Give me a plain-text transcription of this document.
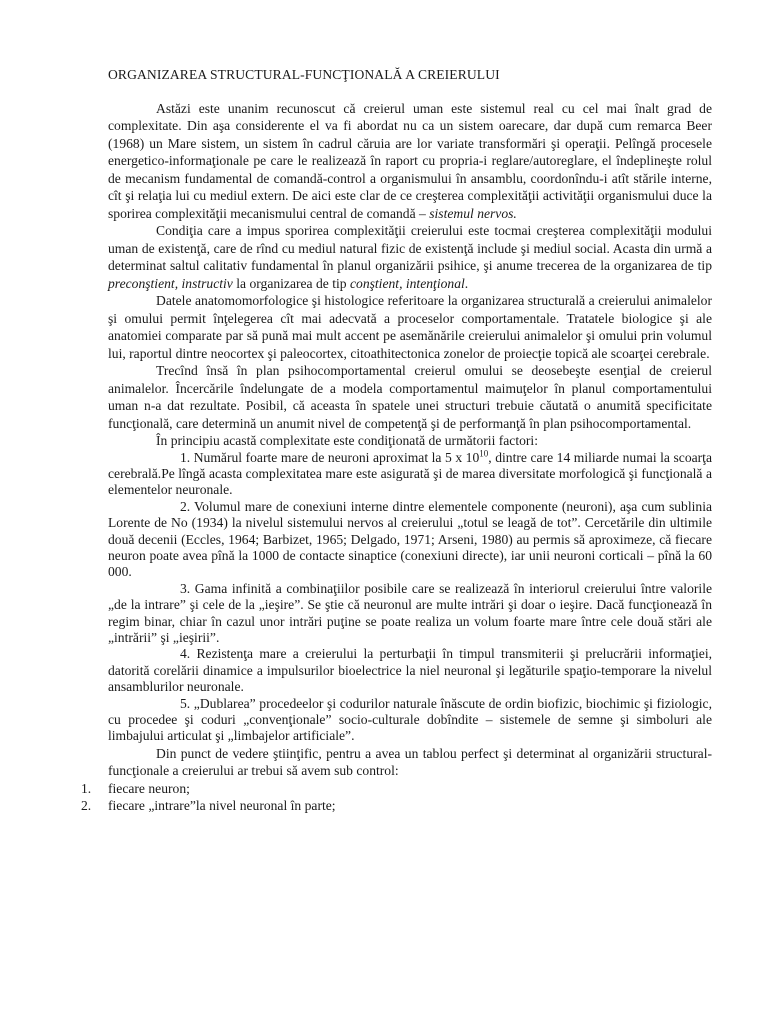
ORGANIZAREA STRUCTURAL-FUNCŢIONALĂ A CREIERULUI

Astăzi este unanim recunoscut că creierul uman este sistemul real cu cel mai înalt grad de complexitate. Din aşa considerente el va fi abordat nu ca un sistem oarecare, dar după cum remarca Beer (1968) un Mare sistem, un sistem în cadrul căruia are lor variate transformări şi operaţii. Pelîngă procesele energetico-informaţionale pe care le realizează în raport cu propria-i reglare/autoreglare, el îndeplineşte rolul de mecanism fundamental de comandă-control a organismului în ansamblu, coordonîndu-i atît stările interne, cît şi relaţia lui cu mediul extern. De aici este clar de ce creşterea complexităţii activităţii organismului duce la sporirea complexităţii mecanismului central de comandă – sistemul nervos.

Condiţia care a impus sporirea complexităţii creierului este tocmai creşterea complexităţii modului uman de existenţă, care de rînd cu mediul natural fizic de existenţă include şi mediul social. Acasta din urmă a determinat saltul calitativ fundamental în planul organizării psihice, şi anume trecerea de la organizarea de tip preconştient, instructiv la organizarea de tip conştient, intenţional.

Datele anatomomorfologice şi histologice referitoare la organizarea structurală a creierului animalelor şi omului permit înţelegerea cît mai adecvată a proceselor comportamentale. Tratatele biologice şi ale anatomiei comparate par să pună mai mult accent pe asemănările creierului animalelor şi omului prin volumul lui, raportul dintre neocortex şi paleocortex, citoathitectonica zonelor de proiecţie topică ale scoarţei cerebrale.

Trecînd însă în plan psihocomportamental creierul omului se deosebeşte esenţial de creierul animalelor. Încercările îndelungate de a modela comportamentul maimuţelor în planul comportamentului uman n-a dat rezultate. Posibil, că aceasta în spatele unei structuri trebuie căutată o anumită specificitate funcţională, care determină un anumit nivel de competenţă şi de performanţă în plan psihocomportamental.

În principiu acastă complexitate este condiţionată de următorii factori:

1. Numărul foarte mare de neuroni aproximat la 5 x $10^{10}$, dintre care 14 miliarde numai la scoarţa cerebrală.Pe lîngă acasta complexitatea mare este asigurată şi de marea diversitate morfologică şi funcţională a elementelor neuronale.

2. Volumul mare de conexiuni interne dintre elementele componente (neuroni), aşa cum sublinia Lorente de No (1934) la nivelul sistemului nervos al creierului „totul se leagă de tot”. Cercetările din ultimile două decenii (Eccles, 1964; Barbizet, 1965; Delgado, 1971; Arseni, 1980) au permis să aproximeze, că fiecare neuron poate avea pînă la 1000 de contacte sinaptice (conexiuni directe), iar unii neuroni corticali – pînă la 60 000.

3. Gama infinită a combinaţiilor posibile care se realizează în interiorul creierului între valorile „de la intrare” şi cele de la „ieşire”. Se ştie că neuronul are multe intrări şi doar o ieşire. Dacă funcţionează în regim binar, chiar în cazul unor intrări puţine se poate realiza un volum foarte mare între cele două stări ale „intrării” şi „ieşirii”.

4. Rezistenţa mare a creierului la perturbaţii în timpul transmiterii şi prelucrării informaţiei, datorită corelării dinamice a impulsurilor bioelectrice la niel neuronal şi legăturile spaţio-temporare la nivelul ansamblurilor neuronale.

5. „Dublarea” procedeelor şi codurilor naturale înăscute de ordin biofizic, biochimic şi fiziologic, cu procedee şi coduri „convenţionale” socio-culturale dobîndite – sistemele de semne şi simboluri ale limbajului articulat şi „limbajelor artificiale”.

Din punct de vedere ştiinţific, pentru a avea un tablou perfect şi determinat al organizării structural-funcţionale a creierului ar trebui să avem sub control:

1. fiecare neuron;
2. fiecare „intrare”la nivel neuronal în parte;
